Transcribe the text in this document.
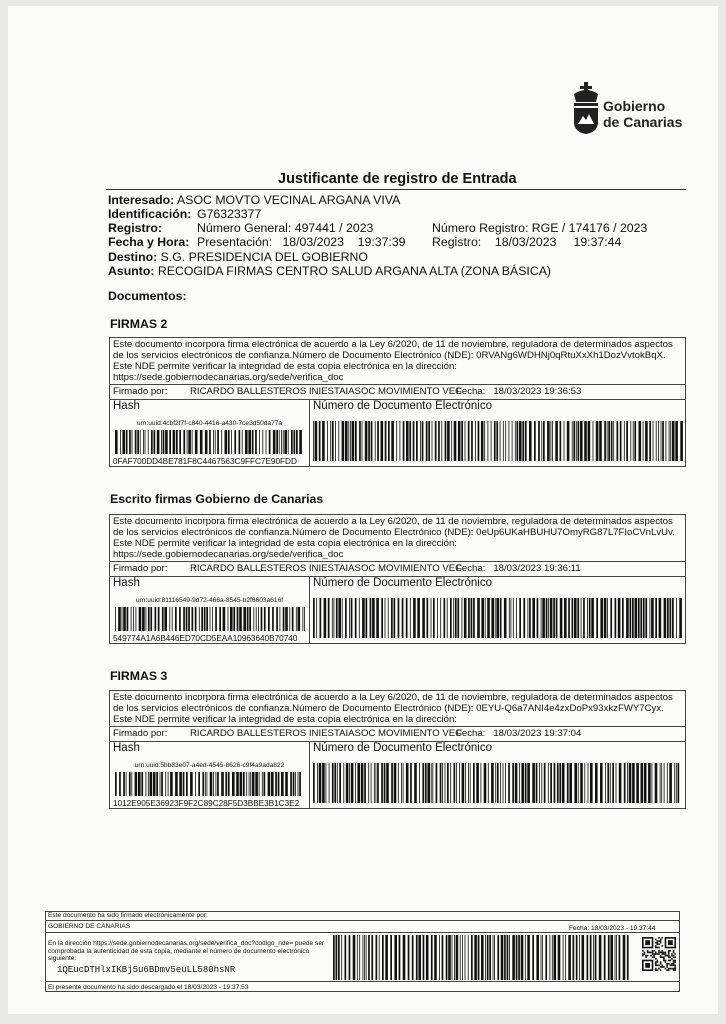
Gobierno
de Canarias
Justificante de registro de Entrada
Interesado: ASOC MOVTO VECINAL ARGANA VIVA
Identificación: G76323377
Registro:	Número General: 497441 / 2023	Número Registro: RGE / 174176 / 2023
Fecha y Hora: Presentación:   18/03/2023    19:37:39 Registro:    18/03/2023     19:37:44
Destino: S.G. PRESIDENCIA DEL GOBIERNO
Asunto: RECOGIDA FIRMAS CENTRO SALUD ARGANA ALTA (ZONA BÁSICA)
Documentos:
FIRMAS 2
Este documento incorpora firma electrónica de acuerdo a la Ley 6/2020, de 11 de noviembre, reguladora de determinados aspectos de los servicios electrónicos de confianza.Número de Documento Electrónico (NDE): 0RVANg6WDHNj0qRtuXxXh1DozVvtokBqX. Este NDE permite verificar la integridad de esta copia electrónica en la dirección: https://sede.gobiernodecanarias.org/sede/verifica_doc
Firmado por: RICARDO BALLESTEROS INIESTAIASOC MOVIMIENTO VEC
Fecha:   18/03/2023 19:36:53
Hash
urn:uuid:4cbf2f7f-c840-4416-a430-7ce3d50da77a
0FAF700DD4BE781F8C4467563C9FFC7E90FDD
Número de Documento Electrónico
Escrito firmas Gobierno de Canarias
Este documento incorpora firma electrónica de acuerdo a la Ley 6/2020, de 11 de noviembre, reguladora de determinados aspectos de los servicios electrónicos de confianza.Número de Documento Electrónico (NDE): 0eUp6UKaHBUHU7OmyRG87L7FIoCVnLvUv. Este NDE permite verificar la integridad de esta copia electrónica en la dirección: https://sede.gobiernodecanarias.org/sede/verifica_doc
Firmado por: RICARDO BALLESTEROS INIESTAIASOC MOVIMIENTO VEC
Fecha:   18/03/2023 19:36:11
Hash
urn:uuid:81116549-9d72-466a-8545-b2f6603a616f
549774A1A6B446ED70CD5EAA10963640B70740
Número de Documento Electrónico
FIRMAS 3
Este documento incorpora firma electrónica de acuerdo a la Ley 6/2020, de 11 de noviembre, reguladora de determinados aspectos de los servicios electrónicos de confianza.Número de Documento Electrónico (NDE): 0EYU-Q6a7ANI4e4zxDoPx93xkzFWY7Cyx. Este NDE permite verificar la integridad de esta copia electrónica en la dirección:
Firmado por: RICARDO BALLESTEROS INIESTAIASOC MOVIMIENTO VEC
Fecha:   18/03/2023 19:37:04
Hash
urn:uuid:5bb83e07-a4ed-4545-8626-c9f4a9ada822
1012E905E36923F9F2C89C28F5D3BBE3B1C3E2
Número de Documento Electrónico
Este documento ha sido firmado electrónicamente por:
GOBIERNO DE CANARIAS	Fecha: 18/03/2023 - 19:37:44
En la dirección https://sede.gobiernodecanarias.org/sede/verifica_doc?codigo_nde= puede ser comprobada la autenticidad de esta copia, mediante el número de documento electrónico siguiente:
1QEucDTHlxIKBj5u6BDmv5euLL580hsNR
El presente documento ha sido descargado el 18/03/2023 - 19:37:53
